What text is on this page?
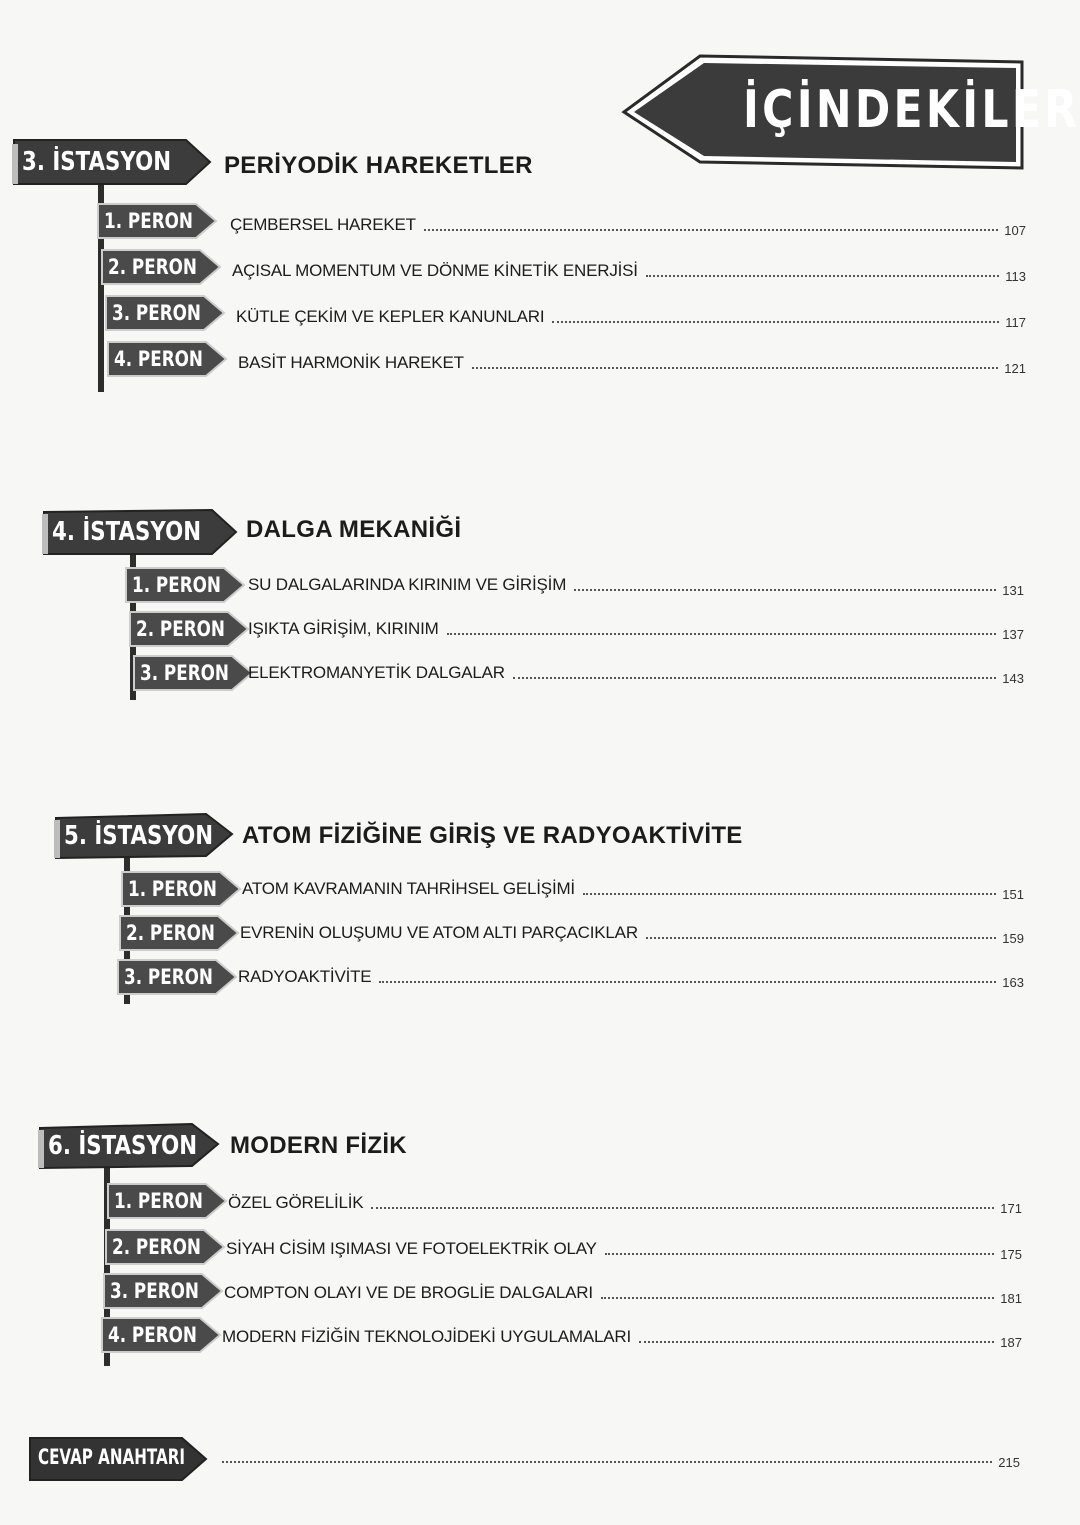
İÇİNDEKİLER
3. İSTASYON PERİYODİK HAREKETLER
1. PERON ÇEMBERSEL HAREKET	107
2. PERON AÇISAL MOMENTUM VE DÖNME KİNETİK ENERJİSİ	113
3. PERON KÜTLE ÇEKİM VE KEPLER KANUNLARI	117
4. PERON BASİT HARMONİK HAREKET	121
4. İSTASYON DALGA MEKANİĞİ
1. PERON SU DALGALARINDA KIRINIM VE GİRİŞİM	131
2. PERON IŞIKTA GİRİŞİM, KIRINIM	137
3. PERON ELEKTROMANYETİK DALGALAR	143
5. İSTASYON ATOM FİZİĞİNE GİRİŞ VE RADYOAKTİVİTE
1. PERON ATOM KAVRAMANIN TAHRİHSEL GELİŞİMİ	151
2. PERON EVRENİN OLUŞUMU VE ATOM ALTI PARÇACIKLAR	159
3. PERON RADYOAKTİVİTE	163
6. İSTASYON MODERN FİZİK
1. PERON ÖZEL GÖRELİLİK	171
2. PERON SİYAH CİSİM IŞIMASI VE FOTOELEKTRİK OLAY	175
3. PERON COMPTON OLAYI VE DE BROGLİE DALGALARI	181
4. PERON MODERN FİZİĞİN TEKNOLOJİDEKİ UYGULAMALARI	187
CEVAP ANAHTARI	215
